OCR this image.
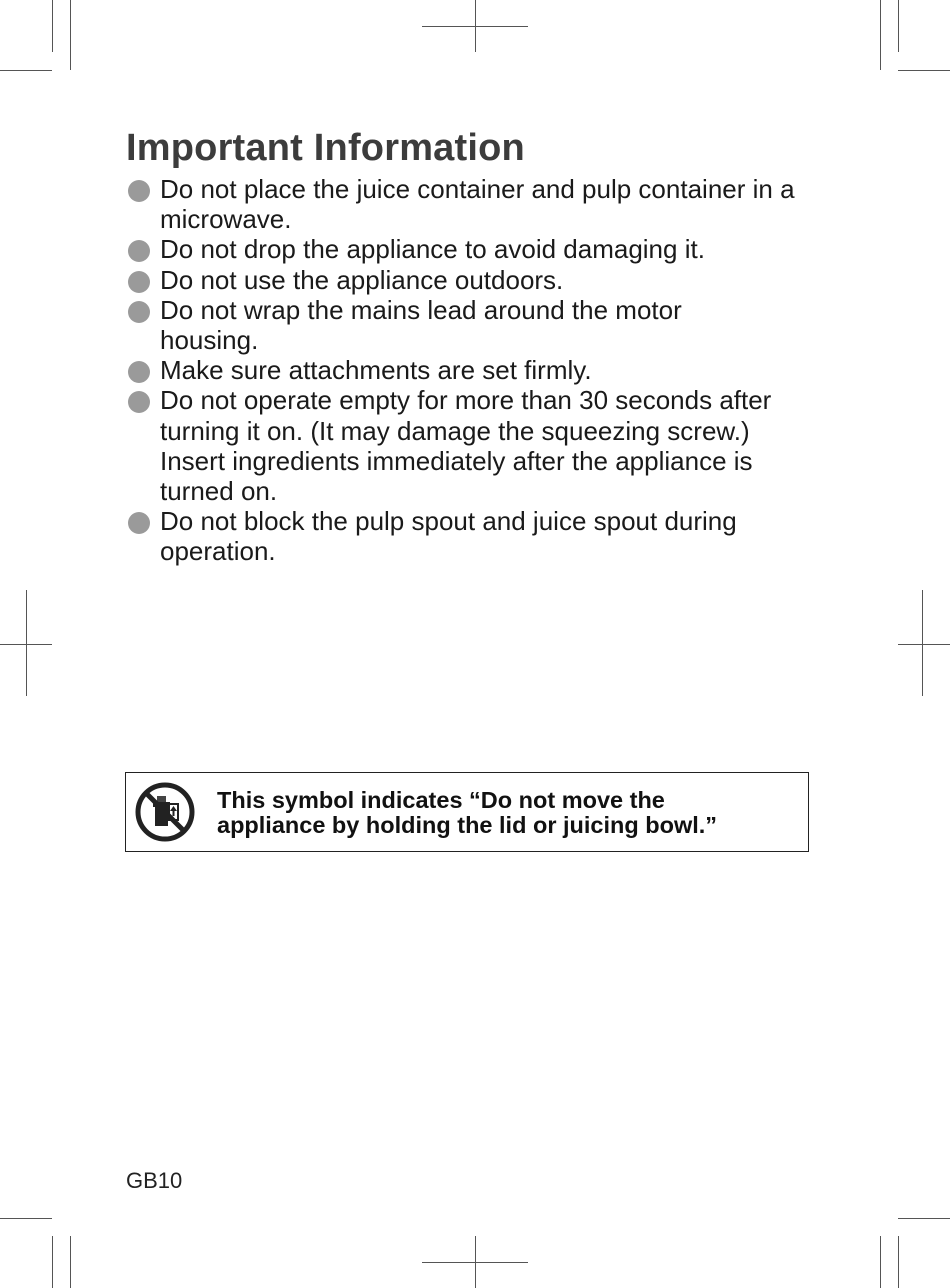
Important Information
Do not place the juice container and pulp container in a microwave.
Do not drop the appliance to avoid damaging it.
Do not use the appliance outdoors.
Do not wrap the mains lead around the motor housing.
Make sure attachments are set firmly.
Do not operate empty for more than 30 seconds after turning it on. (It may damage the squeezing screw.) Insert ingredients immediately after the appliance is turned on.
Do not block the pulp spout and juice spout during operation.
This symbol indicates “Do not move the
appliance by holding the lid or juicing bowl.”
GB10
